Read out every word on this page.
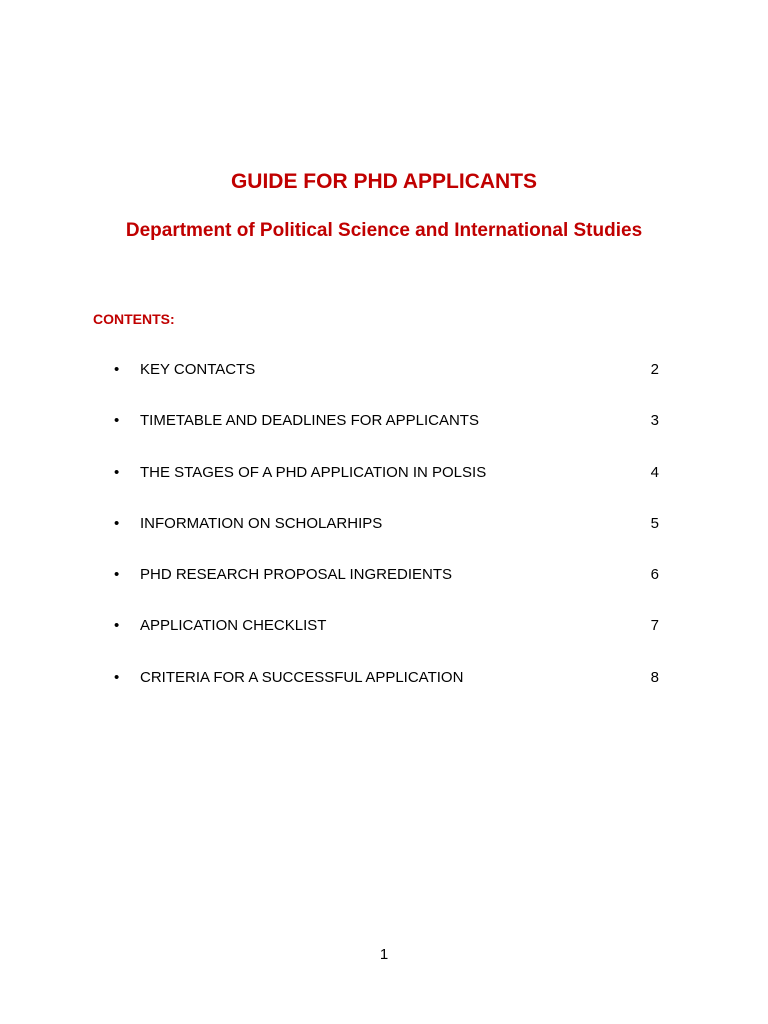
GUIDE FOR PHD APPLICANTS
Department of Political Science and International Studies
CONTENTS:
• KEY CONTACTS	2
• TIMETABLE AND DEADLINES FOR APPLICANTS	3
• THE STAGES OF A PHD APPLICATION IN POLSIS	4
• INFORMATION ON SCHOLARHIPS	5
• PHD RESEARCH PROPOSAL INGREDIENTS	6
• APPLICATION CHECKLIST	7
• CRITERIA FOR A SUCCESSFUL APPLICATION	8
1
